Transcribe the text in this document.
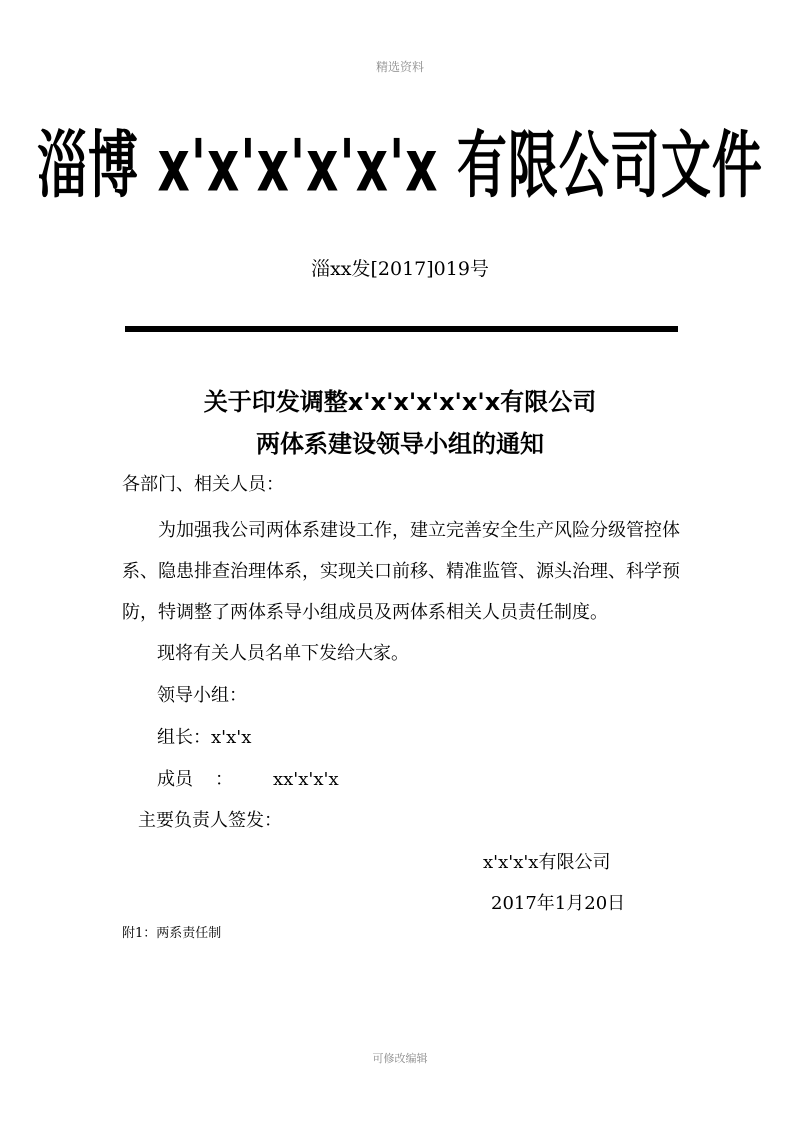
精选资料
淄博 x'x'x'x'x'x 有限公司文件
淄xx发[2017]019号
关于印发调整x'x'x'x'x'x'x有限公司
两体系建设领导小组的通知
各部门、相关人员：
为加强我公司两体系建设工作，建立完善安全生产风险分级管控体系、隐患排查治理体系，实现关口前移、精准监管、源头治理、科学预防，特调整了两体系导小组成员及两体系相关人员责任制度。
现将有关人员名单下发给大家。
领导小组：
组长：x'x'x
成员 ： xx'x'x'x
主要负责人签发：
x'x'x'x有限公司
2017年1月20日
附1：两系责任制
可修改编辑
